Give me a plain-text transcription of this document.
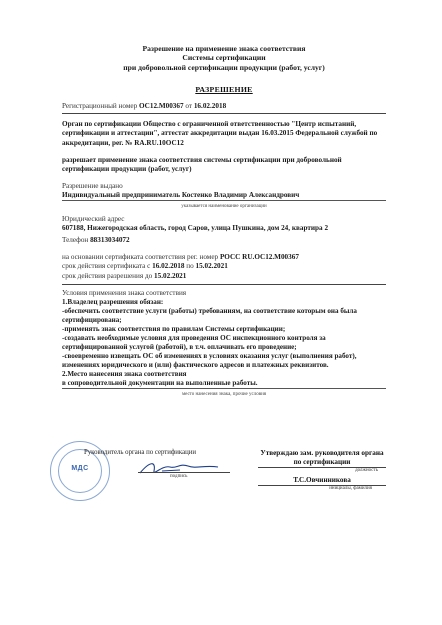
Разрешение на применение знака соответствия
Системы сертификации
при добровольной сертификации продукции (работ, услуг)
РАЗРЕШЕНИЕ
Регистрационный номер ОС12.М00367 от 16.02.2018
Орган по сертификации Общество с ограниченной ответственностью "Центр испытаний, сертификации и аттестации", аттестат аккредитации выдан 16.03.2015 Федеральной службой по аккредитации, рег. № RA.RU.10ОС12
разрешает применение знака соответствия системы сертификации при добровольной сертификации продукции (работ, услуг)
Разрешение выдано
Индивидуальный предприниматель Костенко Владимир Александрович
указывается наименование организации
Юридический адрес
607188, Нижегородская область, город Саров, улица Пушкина, дом 24, квартира 2
Телефон 88313034072
на основании сертификата соответствия рег. номер РОСС RU.ОС12.М00367
срок действия сертификата с 16.02.2018 по 15.02.2021
срок действия разрешения до 15.02.2021
Условия применения знака соответствия
1.Владелец разрешения обязан:
-обеспечить соответствие услуги (работы) требованиям, на соответствие которым она была сертифицирована;
-применять знак соответствия по правилам Системы сертификации;
-создавать необходимые условия для проведения ОС инспекционного контроля за сертифицированной услугой (работой), в т.ч. оплачивать его проведение;
-своевременно извещать ОС об изменениях в условиях оказания услуг (выполнения работ), изменениях юридического и (или) фактического адресов и платежных реквизитов.
2.Место нанесения знака соответствия
в сопроводительной документации на выполненные работы.
место нанесения знака, прочие условия
МДС
Руководитель органа по сертификации
подпись
Утверждаю зам. руководителя органа по сертификации
должность
Т.С.Овчинникова
инициалы, фамилия
